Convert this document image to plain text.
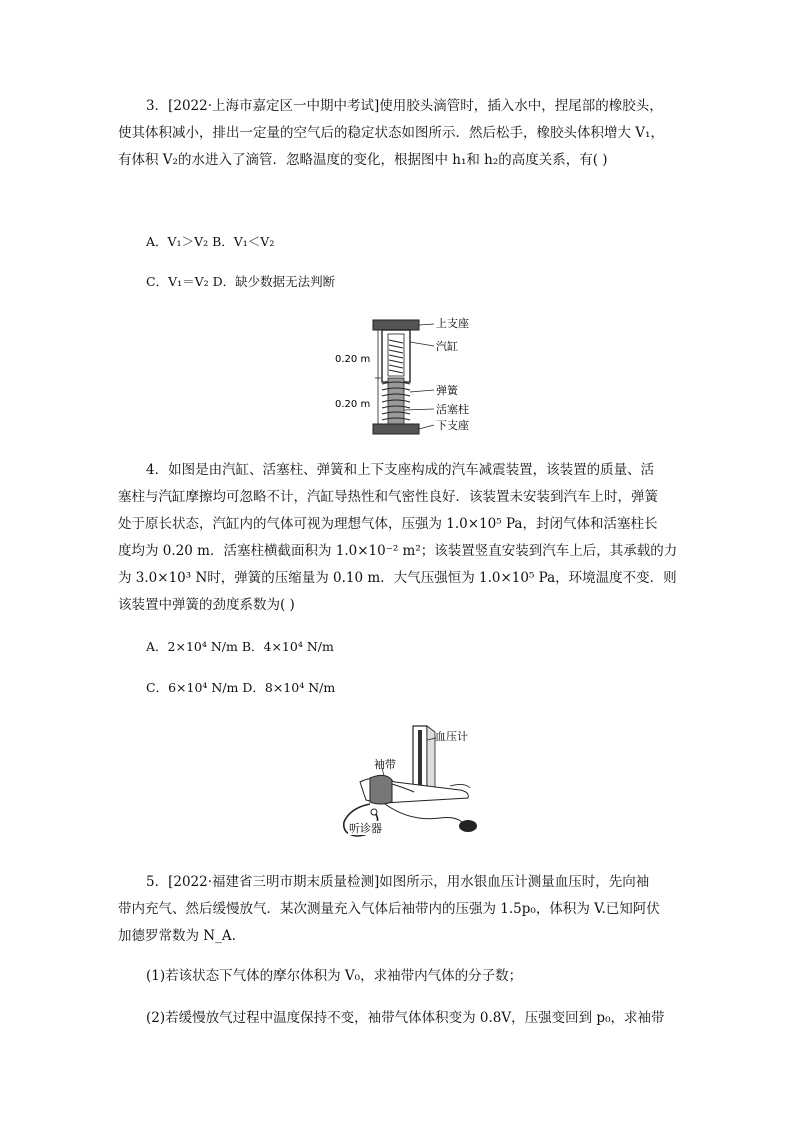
3．[2022·上海市嘉定区一中期中考试]使用胶头滴管时，插入水中，捏尾部的橡胶头，
使其体积减小，排出一定量的空气后的稳定状态如图所示．然后松手，橡胶头体积增大 V₁，
有体积 V₂的水进入了滴管．忽略温度的变化，根据图中 h₁和 h₂的高度关系，有( )
A．V₁＞V₂ B．V₁＜V₂
C．V₁＝V₂ D．缺少数据无法判断
0.20 m
0.20 m
上支座
汽缸
弹簧
活塞柱
下支座
4．如图是由汽缸、活塞柱、弹簧和上下支座构成的汽车减震装置，该装置的质量、活
塞柱与汽缸摩擦均可忽略不计，汽缸导热性和气密性良好．该装置未安装到汽车上时，弹簧
处于原长状态，汽缸内的气体可视为理想气体，压强为 1.0×10⁵ Pa，封闭气体和活塞柱长
度均为 0.20 m．活塞柱横截面积为 1.0×10⁻² m²；该装置竖直安装到汽车上后，其承载的力
为 3.0×10³ N时，弹簧的压缩量为 0.10 m．大气压强恒为 1.0×10⁵ Pa，环境温度不变．则
该装置中弹簧的劲度系数为( )
A．2×10⁴ N/m B．4×10⁴ N/m
C．6×10⁴ N/m D．8×10⁴ N/m
血压计
袖带
听诊器
5．[2022·福建省三明市期末质量检测]如图所示，用水银血压计测量血压时，先向袖
带内充气、然后缓慢放气．某次测量充入气体后袖带内的压强为 1.5p₀，体积为 V.已知阿伏
加德罗常数为 N_A.
(1)若该状态下气体的摩尔体积为 V₀，求袖带内气体的分子数；
(2)若缓慢放气过程中温度保持不变，袖带气体体积变为 0.8V，压强变回到 p₀，求袖带
